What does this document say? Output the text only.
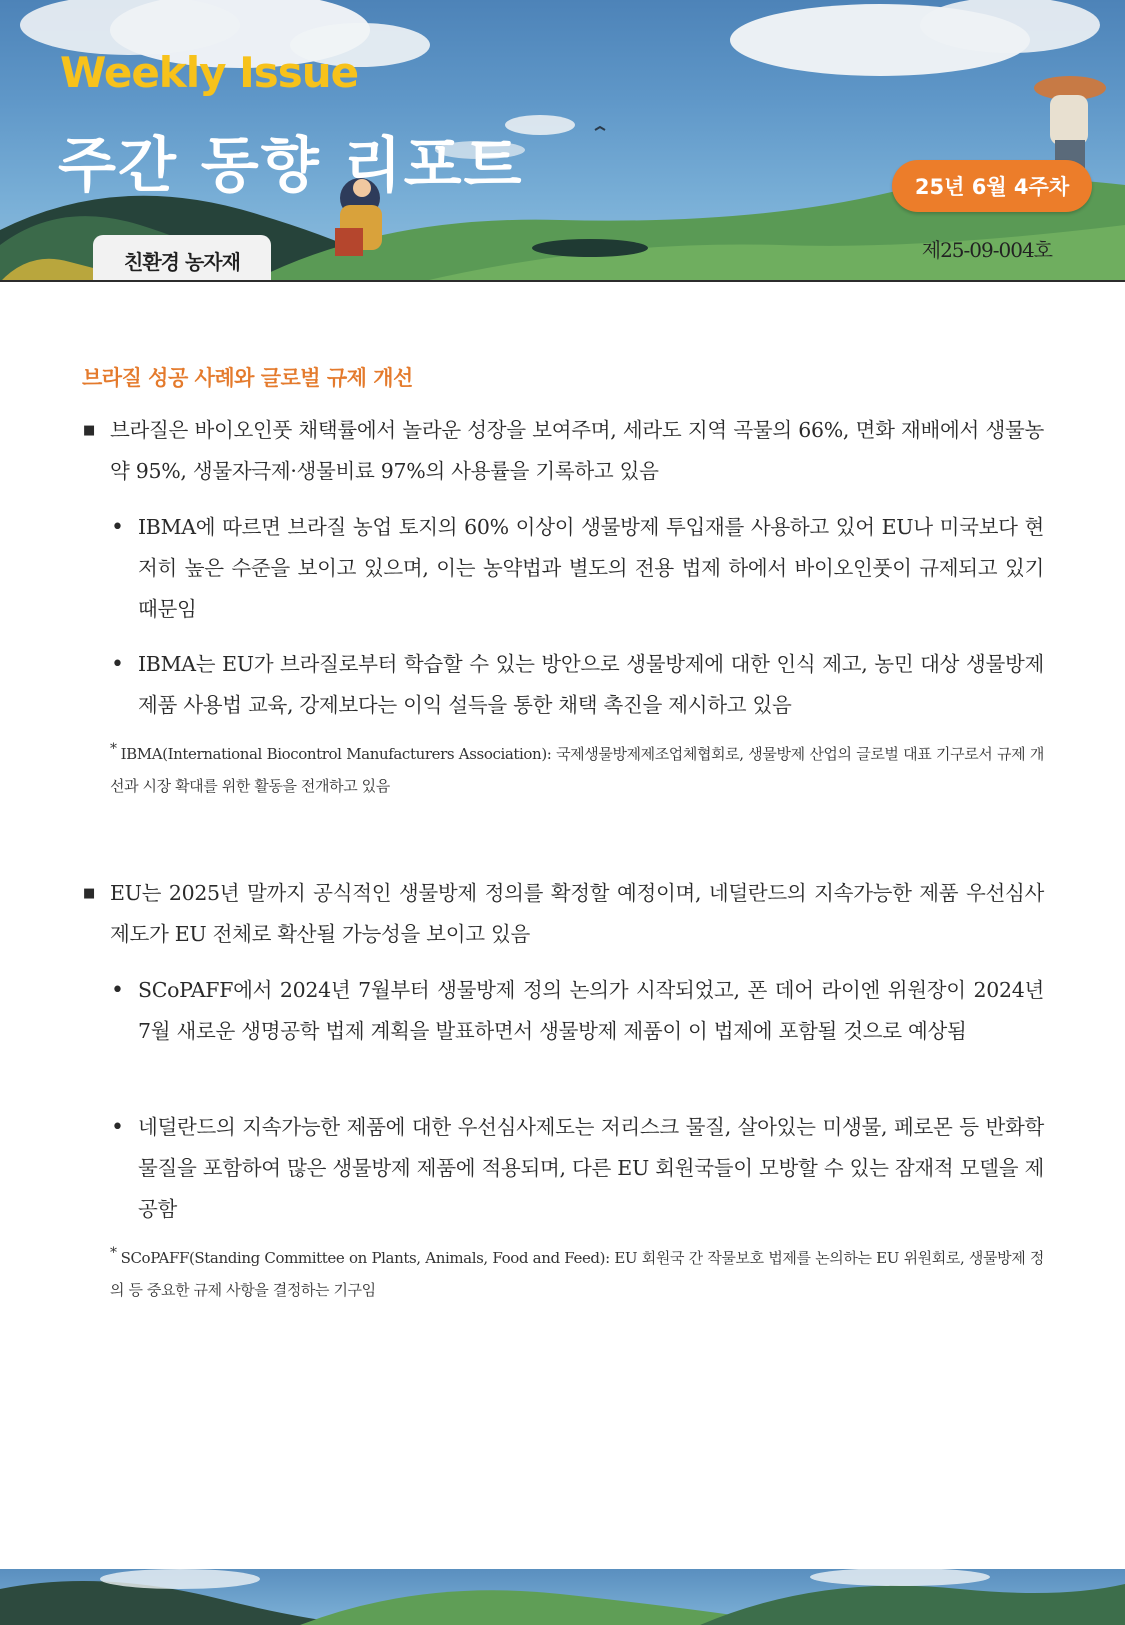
Weekly Issue
주간 동향 리포트	25년 6월 4주차
제25-09-004호
친환경 농자재
브라질 성공 사례와 글로벌 규제 개선
■ 브라질은 바이오인풋 채택률에서 놀라운 성장을 보여주며, 세라도 지역 곡물의 66%, 면화 재배에서 생물농약 95%, 생물자극제·생물비료 97%의 사용률을 기록하고 있음
• IBMA에 따르면 브라질 농업 토지의 60% 이상이 생물방제 투입재를 사용하고 있어 EU나 미국보다 현저히 높은 수준을 보이고 있으며, 이는 농약법과 별도의 전용 법제 하에서 바이오인풋이 규제되고 있기 때문임
• IBMA는 EU가 브라질로부터 학습할 수 있는 방안으로 생물방제에 대한 인식 제고, 농민 대상 생물방제 제품 사용법 교육, 강제보다는 이익 설득을 통한 채택 촉진을 제시하고 있음
* IBMA(International Biocontrol Manufacturers Association): 국제생물방제제조업체협회로, 생물방제 산업의 글로벌 대표 기구로서 규제 개선과 시장 확대를 위한 활동을 전개하고 있음
■ EU는 2025년 말까지 공식적인 생물방제 정의를 확정할 예정이며, 네덜란드의 지속가능한 제품 우선심사제도가 EU 전체로 확산될 가능성을 보이고 있음
• SCoPAFF에서 2024년 7월부터 생물방제 정의 논의가 시작되었고, 폰 데어 라이엔 위원장이 2024년 7월 새로운 생명공학 법제 계획을 발표하면서 생물방제 제품이 이 법제에 포함될 것으로 예상됨
• 네덜란드의 지속가능한 제품에 대한 우선심사제도는 저리스크 물질, 살아있는 미생물, 페로몬 등 반화학물질을 포함하여 많은 생물방제 제품에 적용되며, 다른 EU 회원국들이 모방할 수 있는 잠재적 모델을 제공함
* SCoPAFF(Standing Committee on Plants, Animals, Food and Feed): EU 회원국 간 작물보호 법제를 논의하는 EU 위원회로, 생물방제 정의 등 중요한 규제 사항을 결정하는 기구임
